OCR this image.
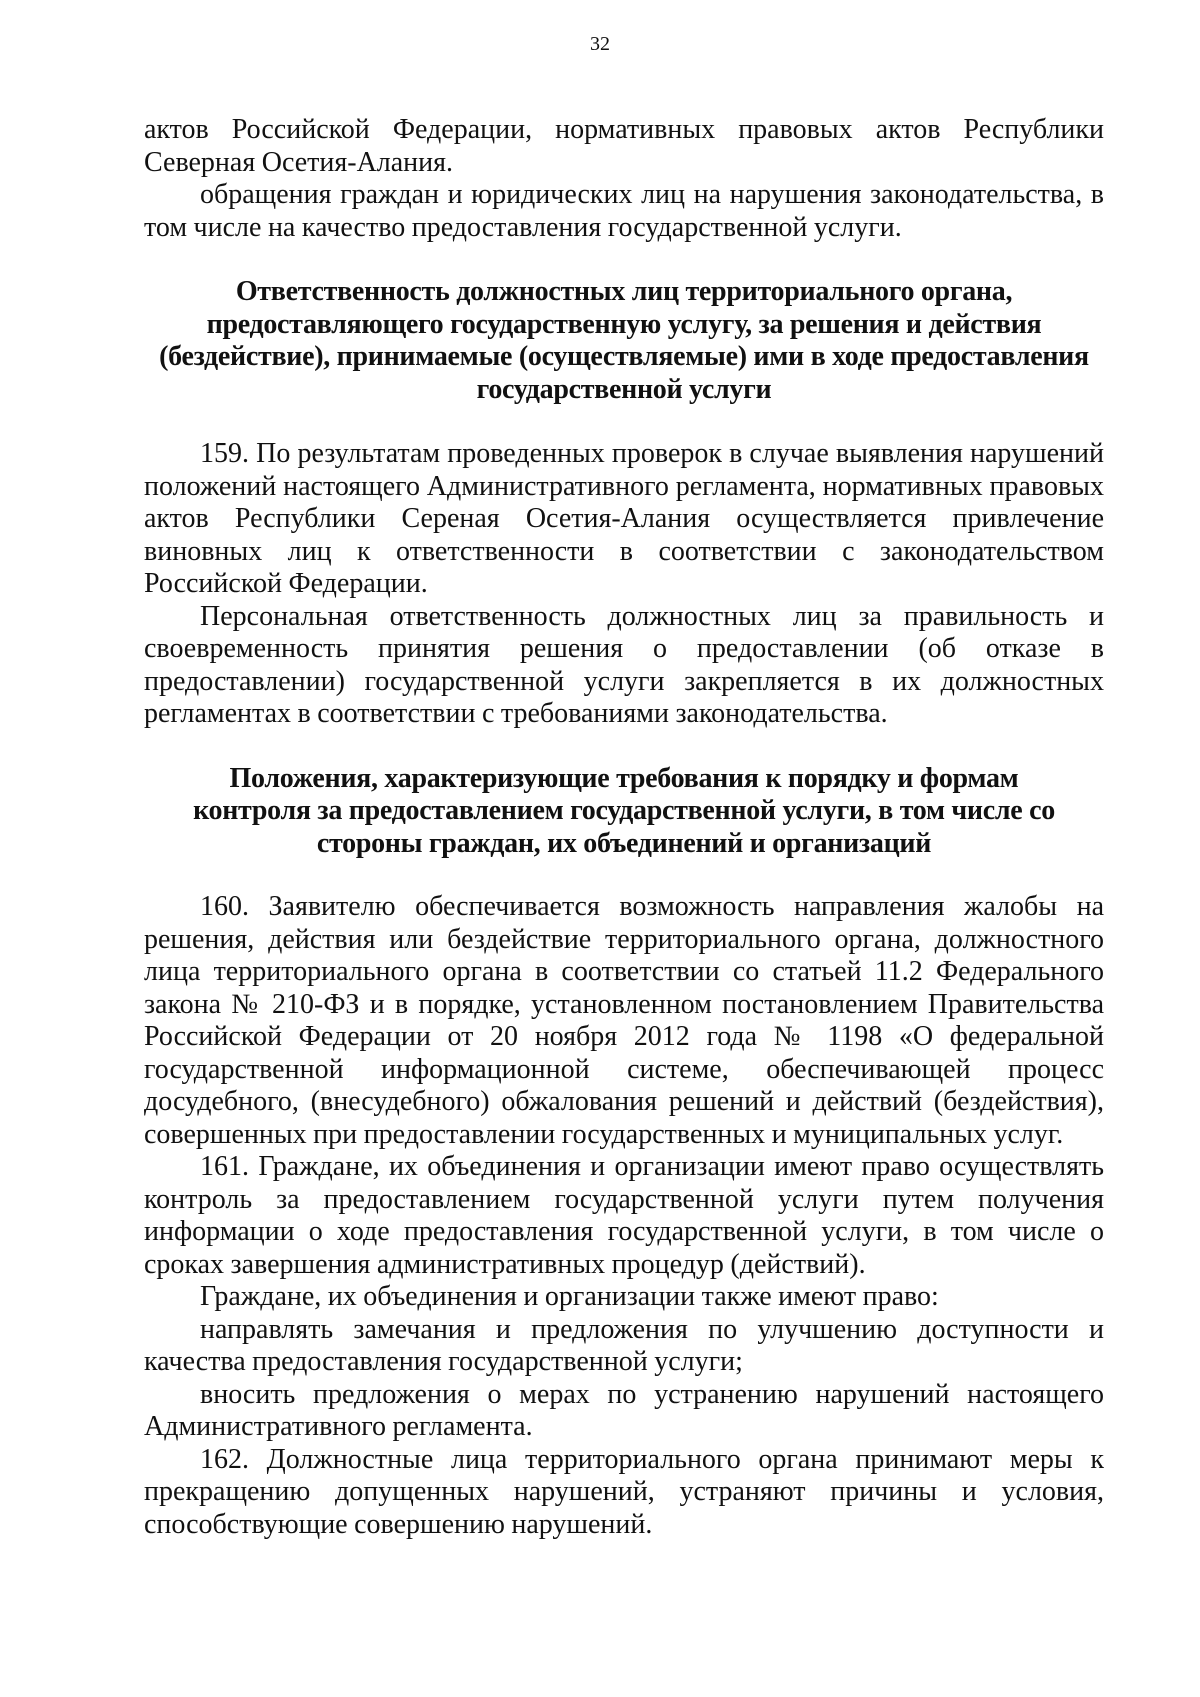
32

актов Российской Федерации, нормативных правовых актов Республики Северная Осетия-Алания.

обращения граждан и юридических лиц на нарушения законодательства, в том числе на качество предоставления государственной услуги.

Ответственность должностных лиц территориального органа,
предоставляющего государственную услугу, за решения и действия
(бездействие), принимаемые (осуществляемые) ими в ходе предоставления
государственной услуги

159. По результатам проведенных проверок в случае выявления нарушений положений настоящего Административного регламента, нормативных правовых актов Республики Сереная Осетия-Алания осуществляется привлечение виновных лиц к ответственности в соответствии с законодательством Российской Федерации.

Персональная ответственность должностных лиц за правильность и своевременность принятия решения о предоставлении (об отказе в предоставлении) государственной услуги закрепляется в их должностных регламентах в соответствии с требованиями законодательства.

Положения, характеризующие требования к порядку и формам
контроля за предоставлением государственной услуги, в том числе со
стороны граждан, их объединений и организаций

160. Заявителю обеспечивается возможность направления жалобы на решения, действия или бездействие территориального органа, должностного лица территориального органа в соответствии со статьей 11.2 Федерального закона № 210-ФЗ и в порядке, установленном постановлением Правительства Российской Федерации от 20 ноября 2012 года № 1198 «О федеральной государственной информационной системе, обеспечивающей процесс досудебного, (внесудебного) обжалования решений и действий (бездействия), совершенных при предоставлении государственных и муниципальных услуг.

161. Граждане, их объединения и организации имеют право осуществлять контроль за предоставлением государственной услуги путем получения информации о ходе предоставления государственной услуги, в том числе о сроках завершения административных процедур (действий).

Граждане, их объединения и организации также имеют право:

направлять замечания и предложения по улучшению доступности и качества предоставления государственной услуги;

вносить предложения о мерах по устранению нарушений настоящего Административного регламента.

162. Должностные лица территориального органа принимают меры к прекращению допущенных нарушений, устраняют причины и условия, способствующие совершению нарушений.
